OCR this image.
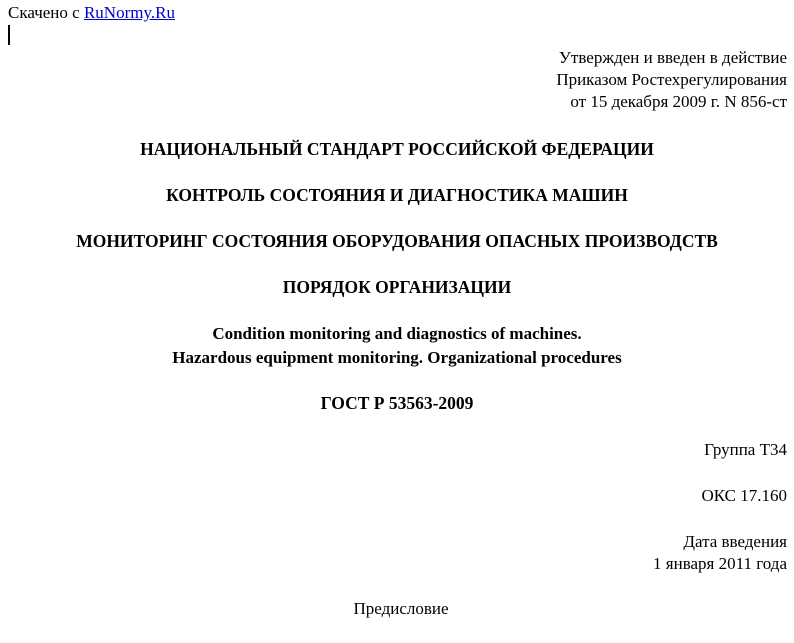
Скачено с RuNormy.Ru
Утвержден и введен в действие
Приказом Ростехрегулирования
от 15 декабря 2009 г. N 856-ст
НАЦИОНАЛЬНЫЙ СТАНДАРТ РОССИЙСКОЙ ФЕДЕРАЦИИ
КОНТРОЛЬ СОСТОЯНИЯ И ДИАГНОСТИКА МАШИН
МОНИТОРИНГ СОСТОЯНИЯ ОБОРУДОВАНИЯ ОПАСНЫХ ПРОИЗВОДСТВ
ПОРЯДОК ОРГАНИЗАЦИИ
Condition monitoring and diagnostics of machines.
Hazardous equipment monitoring. Organizational procedures
ГОСТ Р 53563-2009
Группа Т34
ОКС 17.160
Дата введения
1 января 2011 года
Предисловие
